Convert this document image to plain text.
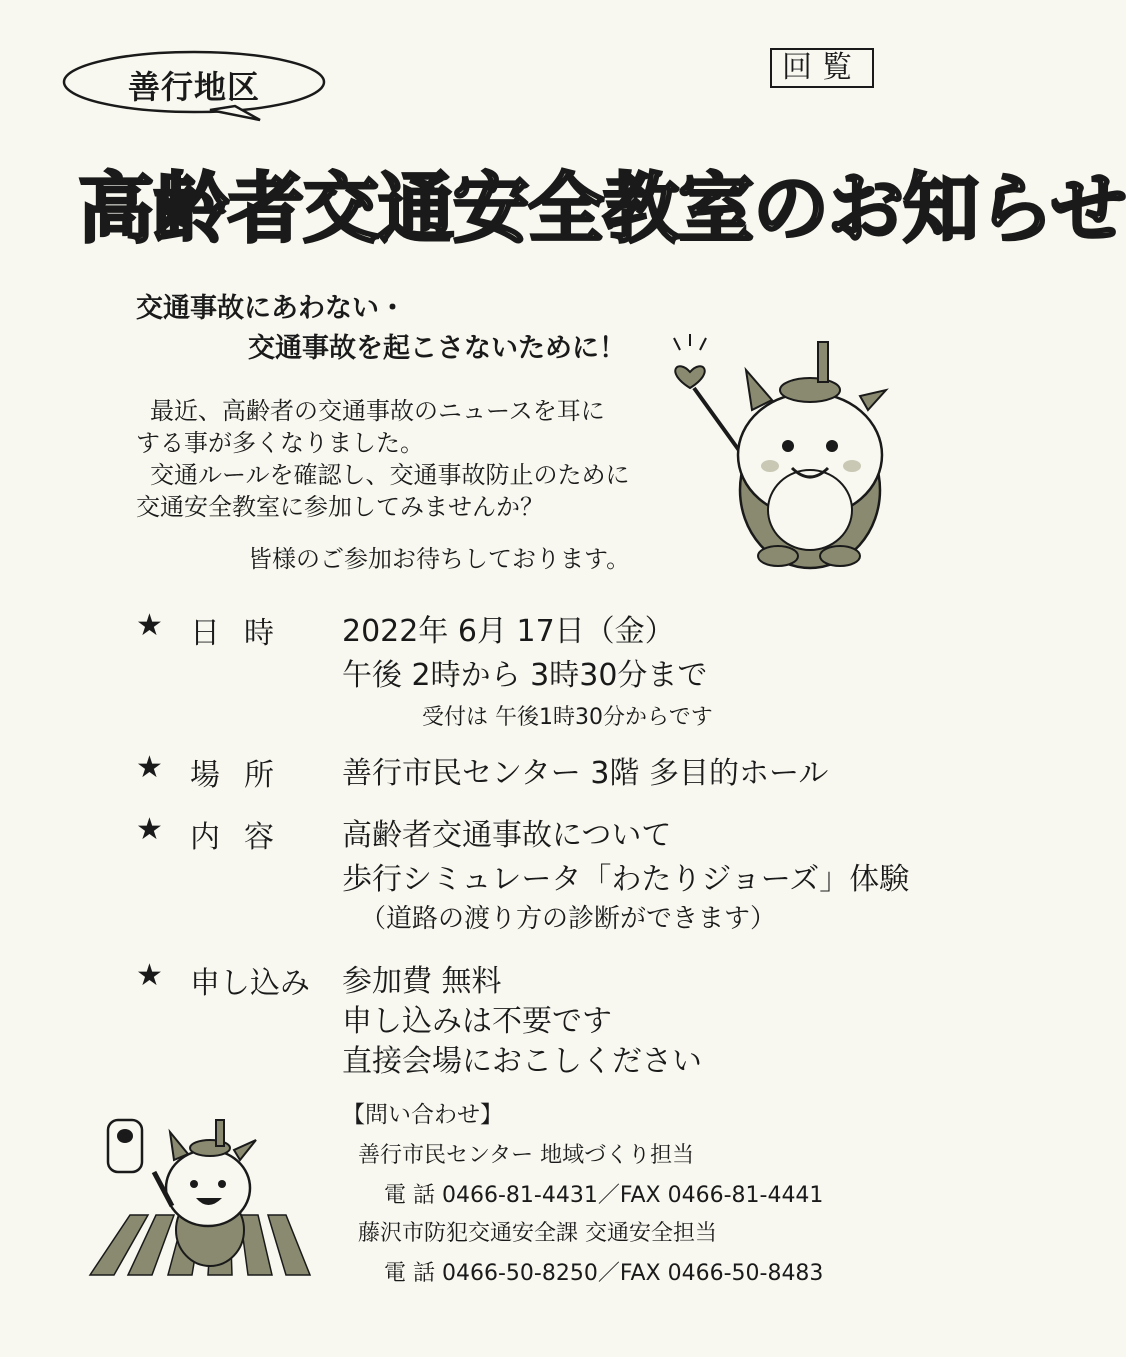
善行地区
回覧
高齢者交通安全教室のお知らせ
交通事故にあわない・
交通事故を起こさないために！
最近、高齢者の交通事故のニュースを耳に
する事が多くなりました。
交通ルールを確認し、交通事故防止のために
交通安全教室に参加してみませんか？
皆様のご参加お待ちしております。
★ 日時 2022年 6月 17日（金）
午後 2時から 3時30分まで
受付は 午後1時30分からです
★ 場所 善行市民センター 3階 多目的ホール
★ 内容 高齢者交通事故について
歩行シミュレータ「わたりジョーズ」体験
（道路の渡り方の診断ができます）
★ 申し込み 参加費 無料
申し込みは不要です
直接会場におこしください
【問い合わせ】
善行市民センター 地域づくり担当
電 話 0466-81-4431／FAX 0466-81-4441
藤沢市防犯交通安全課 交通安全担当
電 話 0466-50-8250／FAX 0466-50-8483
